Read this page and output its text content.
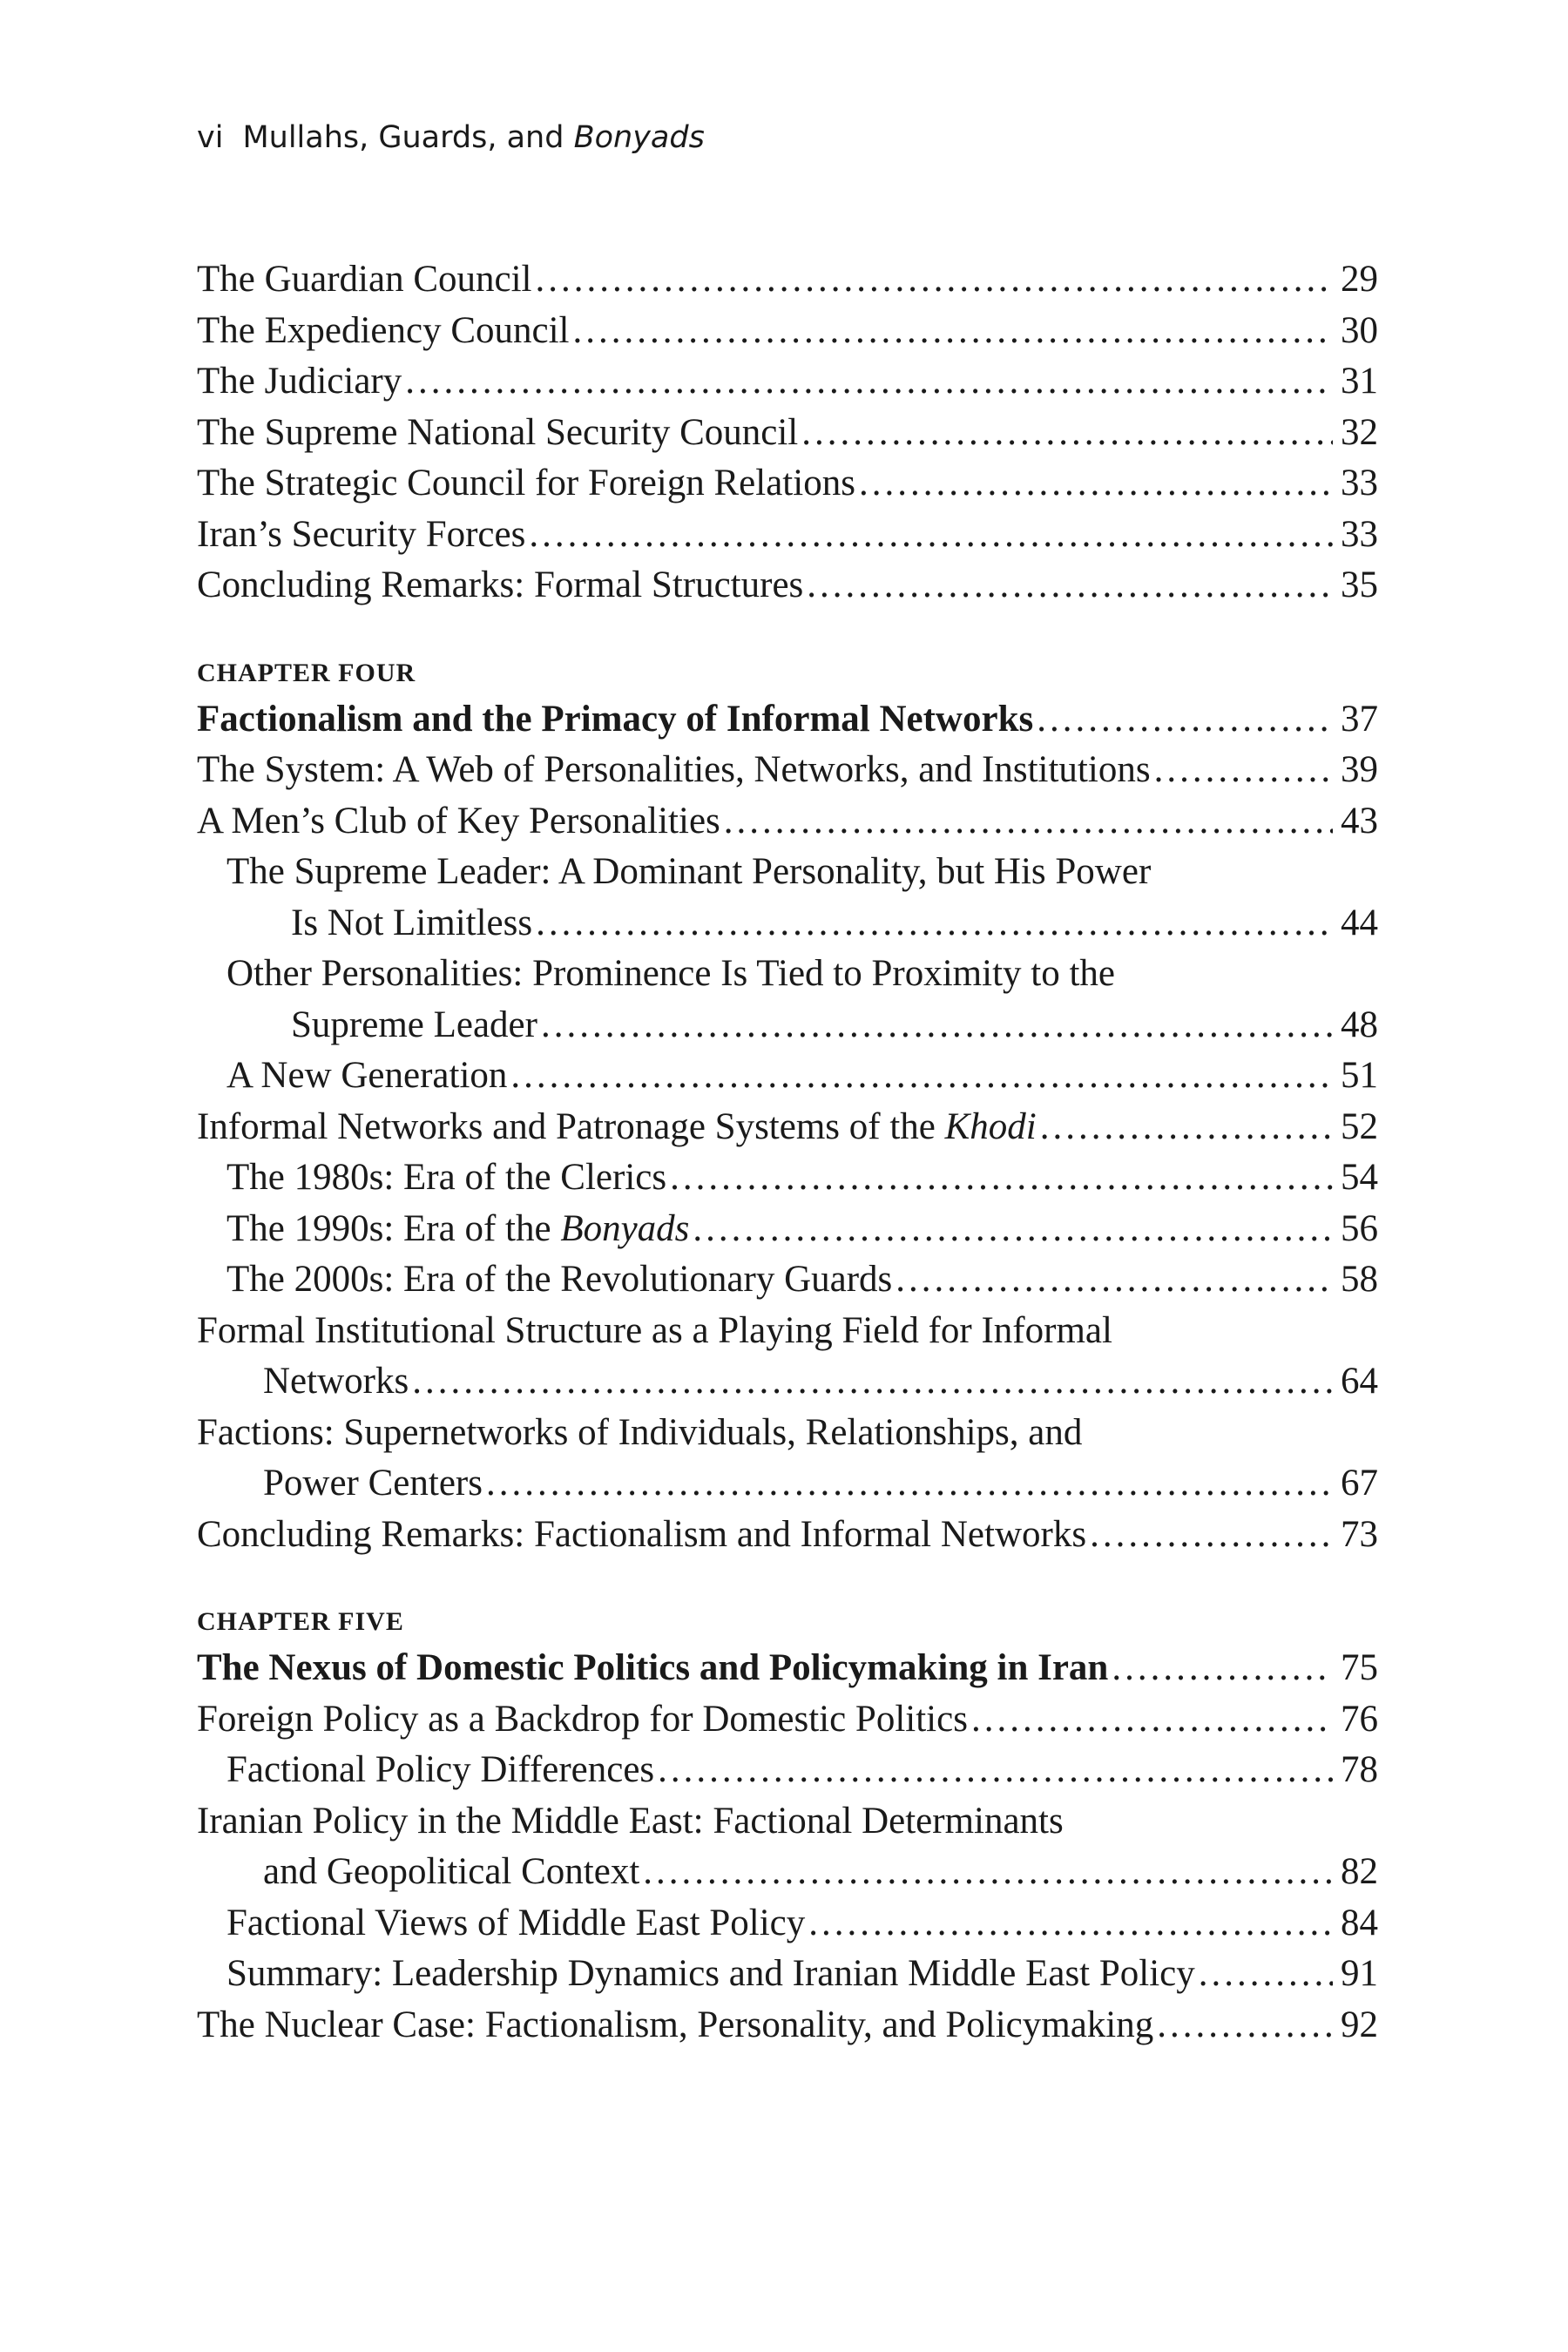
vi Mullahs, Guards, and Bonyads
The Guardian Council .....	29
The Expediency Council .....	30
The Judiciary .....	31
The Supreme National Security Council .....	32
The Strategic Council for Foreign Relations .....	33
Iran’s Security Forces .....	33
Concluding Remarks: Formal Structures .....	35
CHAPTER FOUR
Factionalism and the Primacy of Informal Networks .....	37
The System: A Web of Personalities, Networks, and Institutions .....	39
A Men’s Club of Key Personalities .....	43
The Supreme Leader: A Dominant Personality, but His Power
Is Not Limitless .....	44
Other Personalities: Prominence Is Tied to Proximity to the
Supreme Leader .....	48
A New Generation .....	51
Informal Networks and Patronage Systems of the Khodi .....	52
The 1980s: Era of the Clerics .....	54
The 1990s: Era of the Bonyads .....	56
The 2000s: Era of the Revolutionary Guards .....	58
Formal Institutional Structure as a Playing Field for Informal
Networks .....	64
Factions: Supernetworks of Individuals, Relationships, and
Power Centers .....	67
Concluding Remarks: Factionalism and Informal Networks .....	73
CHAPTER FIVE
The Nexus of Domestic Politics and Policymaking in Iran .....	75
Foreign Policy as a Backdrop for Domestic Politics .....	76
Factional Policy Differences .....	78
Iranian Policy in the Middle East: Factional Determinants
and Geopolitical Context .....	82
Factional Views of Middle East Policy .....	84
Summary: Leadership Dynamics and Iranian Middle East Policy .....	91
The Nuclear Case: Factionalism, Personality, and Policymaking .....	92
